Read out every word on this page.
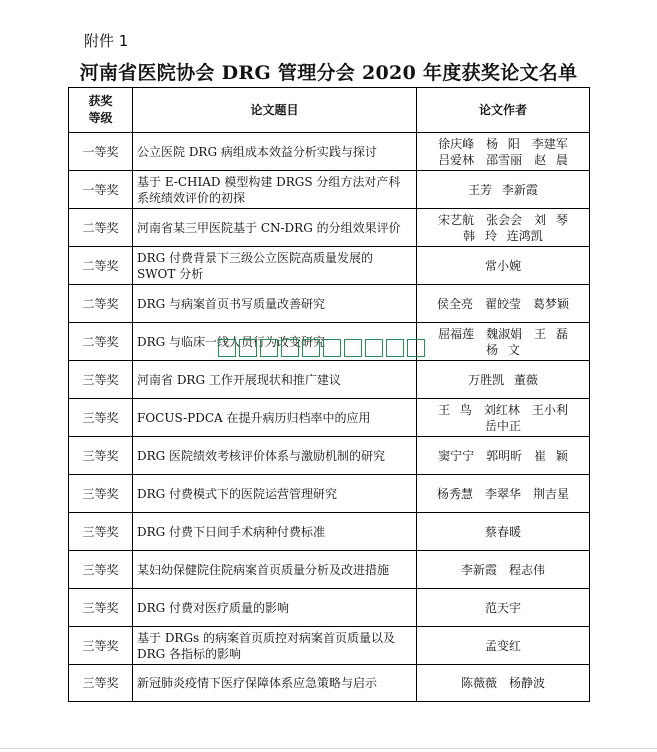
附件 1
河南省医院协会 DRG 管理分会 2020 年度获奖论文名单
获奖
等级	论文题目	论文作者
一等奖	公立医院 DRG 病组成本效益分析实践与探讨	徐庆峰　杨 阳　李建军
吕爱林　邵雪丽　赵 晨

一等奖	基于 E-CHIAD 模型构建 DRGS 分组方法对产科系统绩效评价的初探	王芳 李新霞

二等奖	河南省某三甲医院基于 CN-DRG 的分组效果评价	宋艺航　张会会　刘 琴
韩 玲 连鸿凯

二等奖	DRG 付费背景下三级公立医院高质量发展的 SWOT 分析	常小婉

二等奖	DRG 与病案首页书写质量改善研究	侯全亮　翟皎莹　葛梦颖

二等奖	DRG 与临床一线人员行为改变研究	屈福莲　魏淑娟　王 磊
杨 文

三等奖	河南省 DRG 工作开展现状和推广建议	万胜凯 董薇

三等奖	FOCUS-PDCA 在提升病历归档率中的应用	王 鸟　刘红林　王小利
岳中正

三等奖	DRG 医院绩效考核评价体系与激励机制的研究	窦宁宁　郭明昕　崔 颖

三等奖	DRG 付费模式下的医院运营管理研究	杨秀慧　李翠华　荆吉星

三等奖	DRG 付费下日间手术病种付费标准	蔡春暖

三等奖	某妇幼保健院住院病案首页质量分析及改进措施	李新霞　程志伟

三等奖	DRG 付费对医疗质量的影响	范天宇

三等奖	基于 DRGs 的病案首页质控对病案首页质量以及 DRG 各指标的影响	孟变红

三等奖	新冠肺炎疫情下医疗保障体系应急策略与启示	陈薇薇　杨静波
